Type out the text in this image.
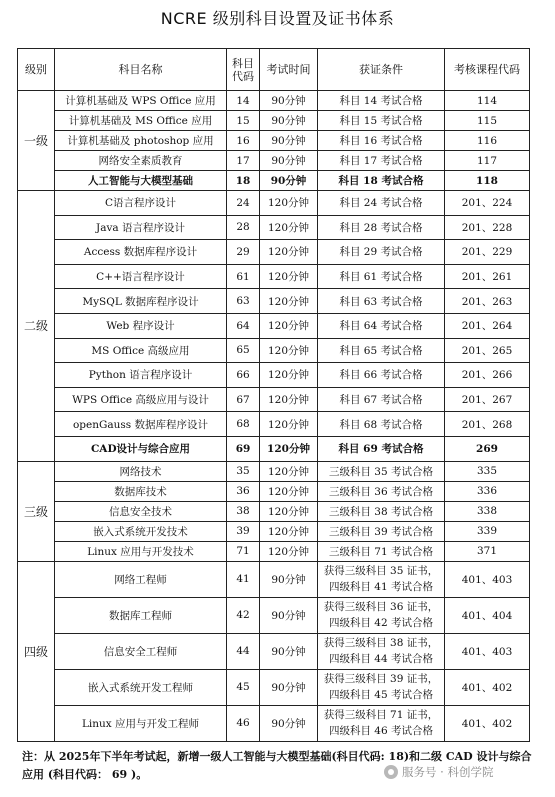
NCRE 级别科目设置及证书体系
级别	科目名称	科目代码	考试时间	获证条件	考核课程代码
一级	计算机基础及 WPS Office 应用	14	90分钟	科目 14 考试合格	114
	计算机基础及 MS Office 应用	15	90分钟	科目 15 考试合格	115
	计算机基础及 photoshop 应用	16	90分钟	科目 16 考试合格	116
	网络安全素质教育	17	90分钟	科目 17 考试合格	117
	人工智能与大模型基础	18	90分钟	科目 18 考试合格	118
二级	C语言程序设计	24	120分钟	科目 24 考试合格	201、224
	Java 语言程序设计	28	120分钟	科目 28 考试合格	201、228
	Access 数据库程序设计	29	120分钟	科目 29 考试合格	201、229
	C++语言程序设计	61	120分钟	科目 61 考试合格	201、261
	MySQL 数据库程序设计	63	120分钟	科目 63 考试合格	201、263
	Web 程序设计	64	120分钟	科目 64 考试合格	201、264
	MS Office 高级应用	65	120分钟	科目 65 考试合格	201、265
	Python 语言程序设计	66	120分钟	科目 66 考试合格	201、266
	WPS Office 高级应用与设计	67	120分钟	科目 67 考试合格	201、267
	openGauss 数据库程序设计	68	120分钟	科目 68 考试合格	201、268
	CAD设计与综合应用	69	120分钟	科目 69 考试合格	269
三级	网络技术	35	120分钟	三级科目 35 考试合格	335
	数据库技术	36	120分钟	三级科目 36 考试合格	336
	信息安全技术	38	120分钟	三级科目 38 考试合格	338
	嵌入式系统开发技术	39	120分钟	三级科目 39 考试合格	339
	Linux 应用与开发技术	71	120分钟	三级科目 71 考试合格	371
四级	网络工程师	41	90分钟	获得三级科目 35 证书，
四级科目 41 考试合格	401、403
	数据库工程师	42	90分钟	获得三级科目 36 证书，
四级科目 42 考试合格	401、404
	信息安全工程师	44	90分钟	获得三级科目 38 证书，
四级科目 44 考试合格	401、403
	嵌入式系统开发工程师	45	90分钟	获得三级科目 39 证书，
四级科目 45 考试合格	401、402
	Linux 应用与开发工程师	46	90分钟	获得三级科目 71 证书，
四级科目 46 考试合格	401、402
注：从 2025年下半年考试起，新增一级人工智能与大模型基础(科目代码: 18)和二级 CAD 设计与综合应用 (科目代码： 69 )。	服务号 · 科创学院
